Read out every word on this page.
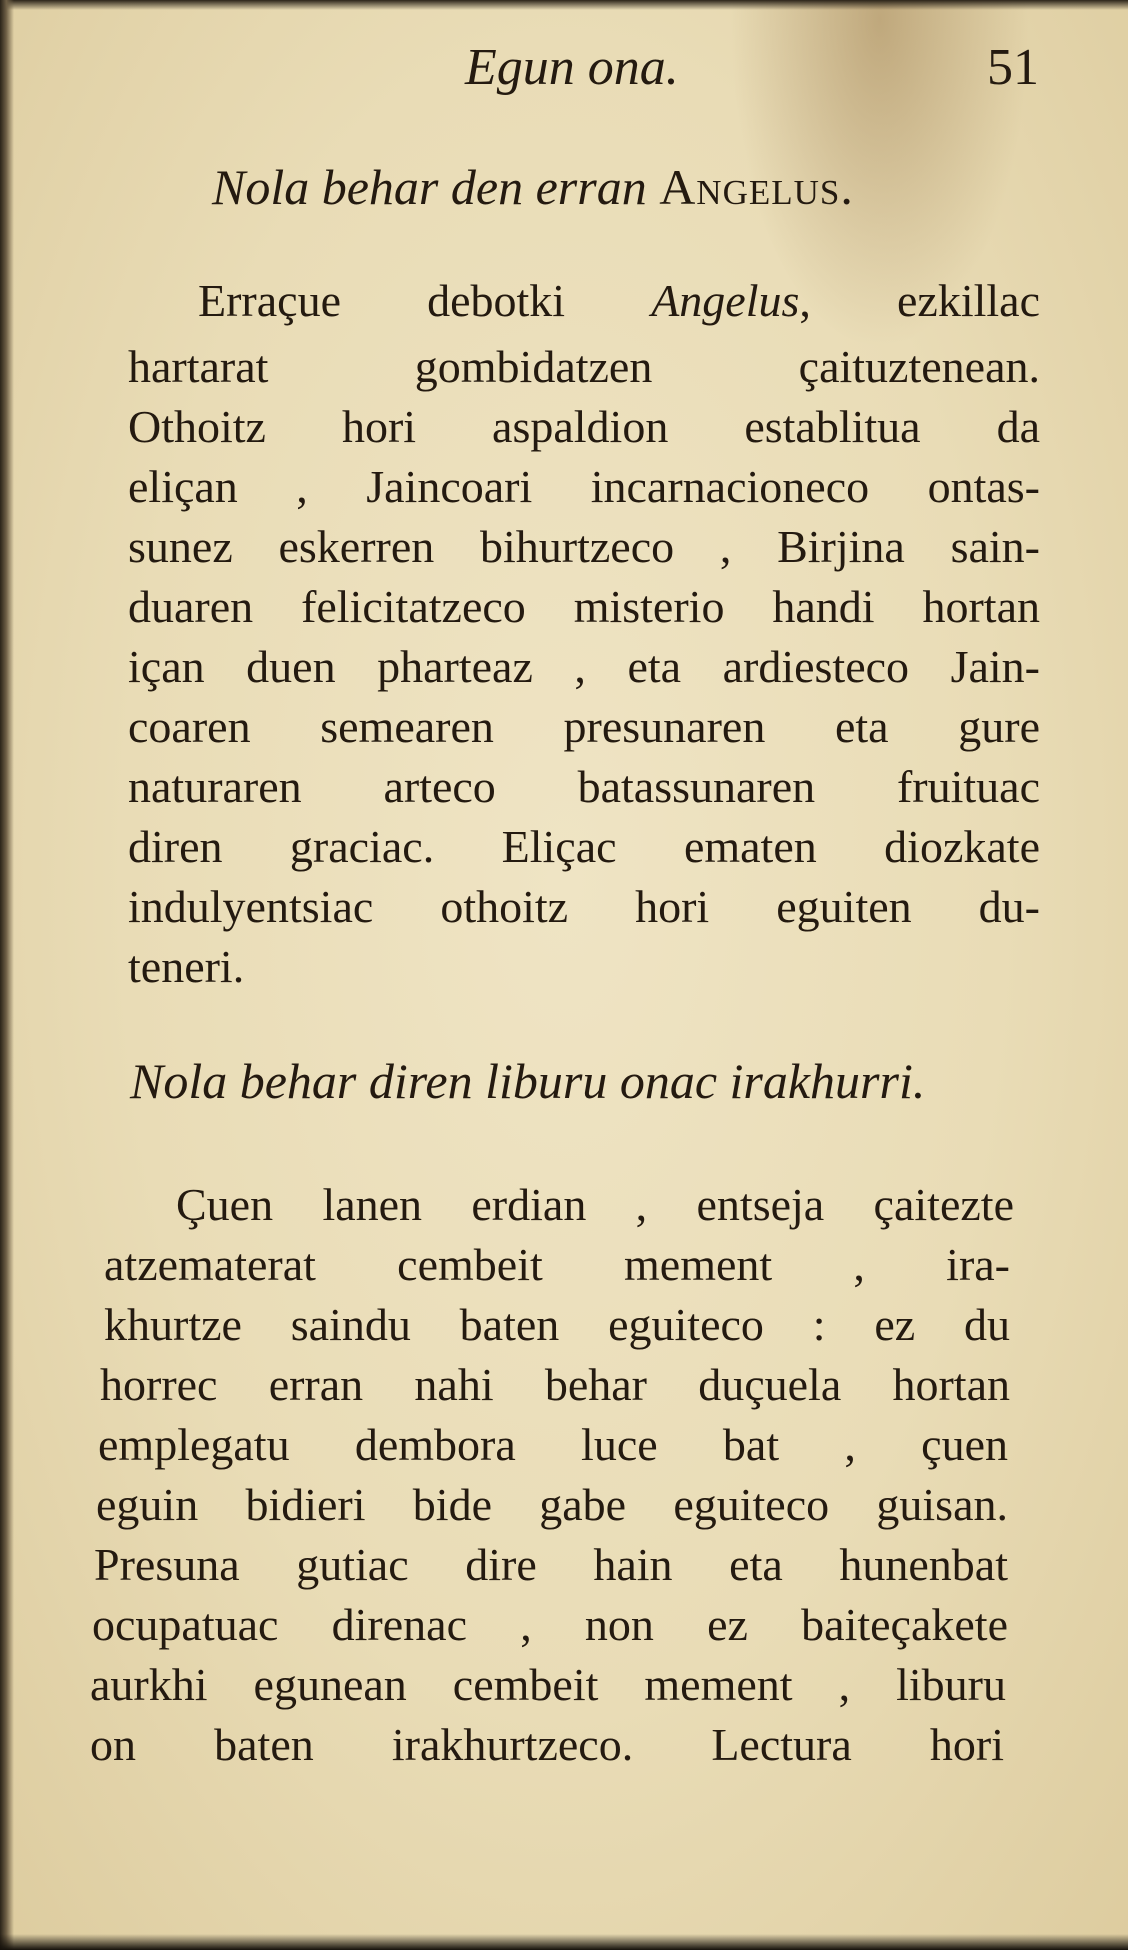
Egun ona.	51
Nola behar den erran Angelus.
Erraçue debotki Angelus, ezkillac
hartarat gombidatzen çaituztenean.
Othoitz hori aspaldion establitua da
eliçan , Jaincoari incarnacioneco ontas-
sunez eskerren bihurtzeco , Birjina sain-
duaren felicitatzeco misterio handi hortan
içan duen pharteaz , eta ardiesteco Jain-
coaren semearen presunaren eta gure
naturaren arteco batassunaren fruituac
diren graciac. Eliçac ematen diozkate
indulyentsiac othoitz hori eguiten du-
teneri.
Nola behar diren liburu onac irakhurri.
Çuen lanen erdian , entseja çaitezte
atzematerat cembeit mement , ira-
khurtze saindu baten eguiteco : ez du
horrec erran nahi behar duçuela hortan
emplegatu dembora luce bat , çuen
eguin bidieri bide gabe eguiteco guisan.
Presuna gutiac dire hain eta hunenbat
ocupatuac direnac , non ez baiteçakete
aurkhi egunean cembeit mement , liburu
on baten irakhurtzeco. Lectura hori
